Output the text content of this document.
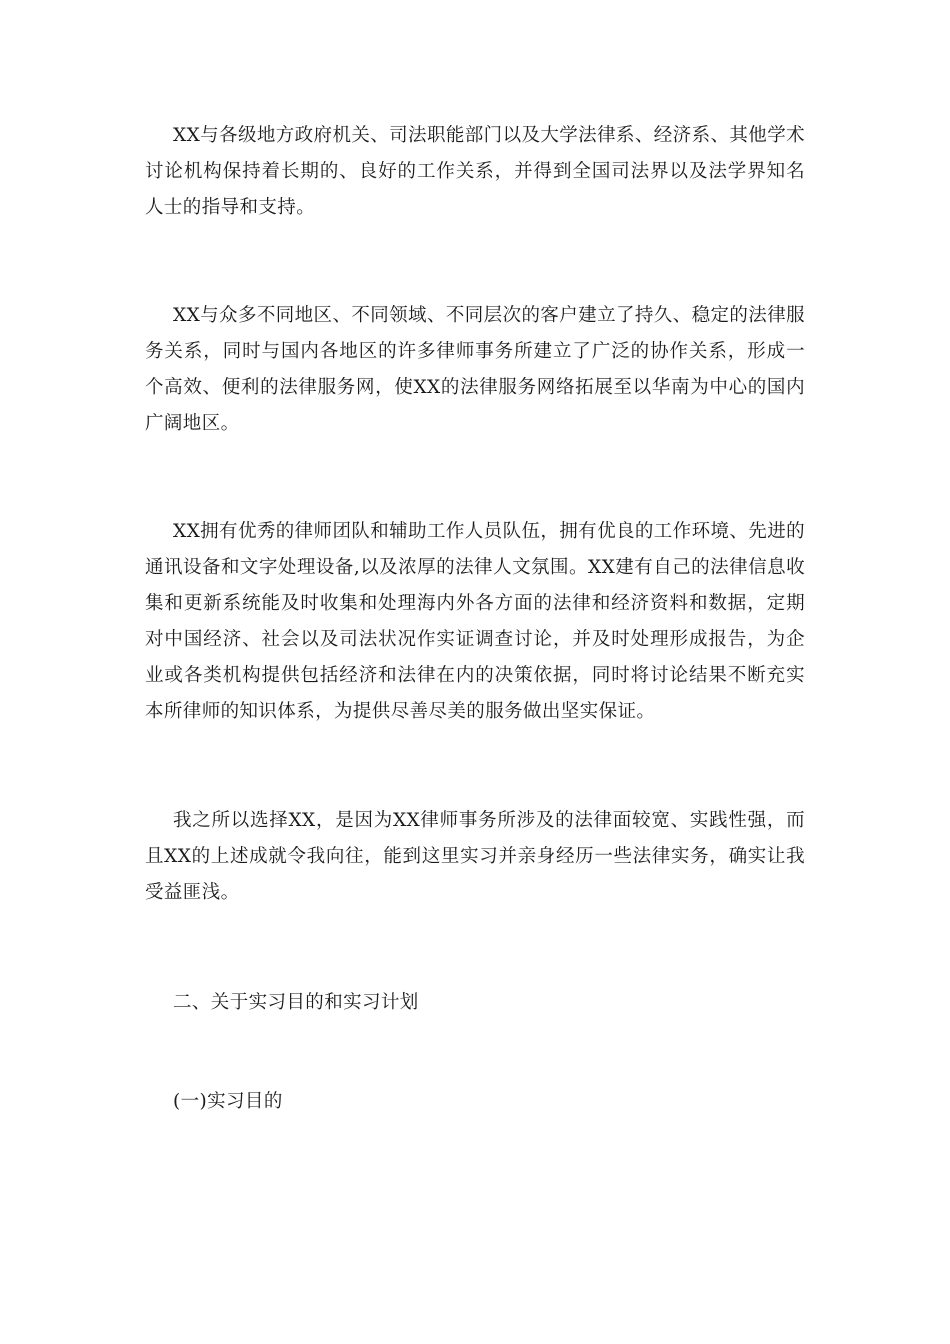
XX与各级地方政府机关、司法职能部门以及大学法律系、经济系、其他学术讨论机构保持着长期的、良好的工作关系，并得到全国司法界以及法学界知名人士的指导和支持。

XX与众多不同地区、不同领域、不同层次的客户建立了持久、稳定的法律服务关系，同时与国内各地区的许多律师事务所建立了广泛的协作关系，形成一个高效、便利的法律服务网，使XX的法律服务网络拓展至以华南为中心的国内广阔地区。

XX拥有优秀的律师团队和辅助工作人员队伍，拥有优良的工作环境、先进的通讯设备和文字处理设备,以及浓厚的法律人文氛围。XX建有自己的法律信息收集和更新系统能及时收集和处理海内外各方面的法律和经济资料和数据，定期对中国经济、社会以及司法状况作实证调查讨论，并及时处理形成报告，为企业或各类机构提供包括经济和法律在内的决策依据，同时将讨论结果不断充实本所律师的知识体系，为提供尽善尽美的服务做出坚实保证。

我之所以选择XX，是因为XX律师事务所涉及的法律面较宽、实践性强，而且XX的上述成就令我向往，能到这里实习并亲身经历一些法律实务，确实让我受益匪浅。

二、关于实习目的和实习计划

(一)实习目的
